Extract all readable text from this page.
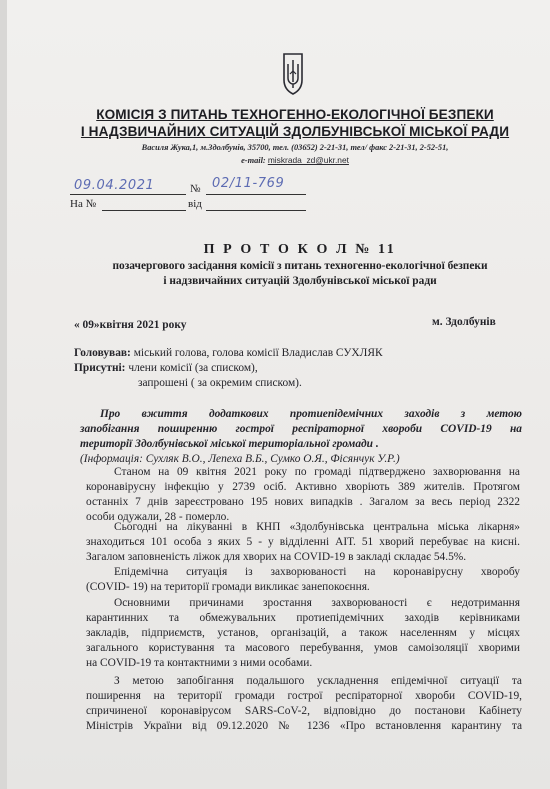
КОМІСІЯ З ПИТАНЬ ТЕХНОГЕННО-ЕКОЛОГІЧНОЇ БЕЗПЕКИ
І НАДЗВИЧАЙНИХ СИТУАЦІЙ ЗДОЛБУНІВСЬКОЇ МІСЬКОЇ РАДИ
Василя Жука,1, м.Здолбунів, 35700, тел. (03652) 2-21-31, тел/ факс 2-21-31, 2-52-51,
e-mail: miskrada_zd@ukr.net
09.04.2021	№ 02/11-769
На №	від
П Р О Т О К О Л № 11
позачергового засідання комісії з питань техногенно-екологічної безпеки
і надзвичайних ситуацій Здолбунівської міської ради
« 09»квітня 2021 року	м. Здолбунів
Головував: міський голова, голова комісії Владислав СУХЛЯК
Присутні: члени комісії (за списком),
запрошені ( за окремим списком).
Про вжиття додаткових протиепідемічних заходів з метою
запобігання поширенню гострої респіраторної хвороби COVID-19 на
території Здолбунівської міської територіальної громади .
(Інформація: Сухляк В.О., Лепеха В.Б., Сумко О.Я., Фісянчук У.Р.)
Станом на 09 квітня 2021 року по громаді підтверджено захворювання на
коронавірусну інфекцію у 2739 осіб. Активно хворіють 389 жителів. Протягом
останніх 7 днів зареєстровано 195 нових випадків . Загалом за весь період 2322
особи одужали, 28 - померло.
Сьогодні на лікуванні в КНП «Здолбунівська центральна міська лікарня»
знаходиться 101 особа з яких 5 - у відділенні АІТ. 51 хворий перебуває на кисні.
Загалом заповненість ліжок для хворих на COVID-19 в закладі складає 54.5%.
Епідемічна ситуація із захворюваності на коронавірусну хворобу
(COVID- 19) на території громади викликає занепокоєння.
Основними причинами зростання захворюваності є недотримання
карантинних та обмежувальних протиепідемічних заходів керівниками
закладів, підприємств, установ, організацій, а також населенням у місцях
загального користування та масового перебування, умов самоізоляції хворими
на COVID-19 та контактними з ними особами.
З метою запобігання подальшого ускладнення епідемічної ситуації та
поширення на території громади гострої респіраторної хвороби COVID-19,
спричиненої коронавірусом SARS-CoV-2, відповідно до постанови Кабінету
Міністрів України від 09.12.2020 № 1236 «Про встановлення карантину та
